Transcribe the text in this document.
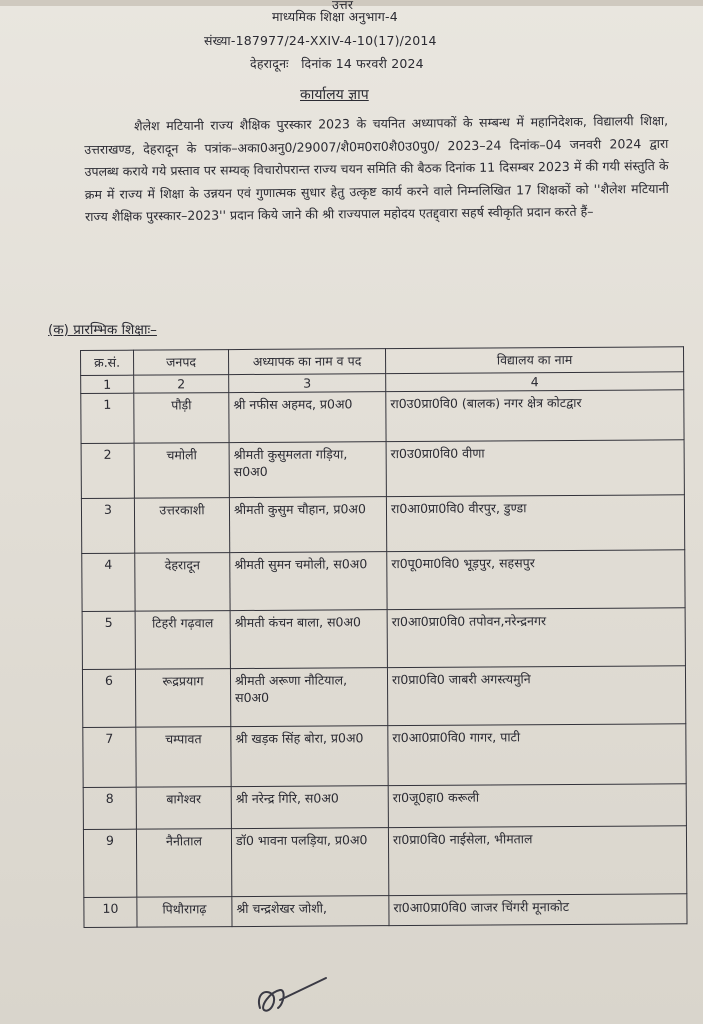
उत्तर
माध्यमिक शिक्षा अनुभाग-4
संख्या-187977/24-XXIV-4-10(17)/2014
देहरादूनः दिनांक 14 फरवरी 2024
कार्यालय ज्ञाप
शैलेश मटियानी राज्य शैक्षिक पुरस्कार 2023 के चयनित अध्यापकों के सम्बन्ध में महानिदेशक, विद्यालयी शिक्षा, उत्तराखण्ड, देहरादून के पत्रांक–अका0अनु0/29007/शै0म0रा0शै0उ0पु0/ 2023–24 दिनांक–04 जनवरी 2024 द्वारा उपलब्ध कराये गये प्रस्ताव पर सम्यक् विचारोपरान्त राज्य चयन समिति की बैठक दिनांक 11 दिसम्बर 2023 में की गयी संस्तुति के क्रम में राज्य में शिक्षा के उन्नयन एवं गुणात्मक सुधार हेतु उत्कृष्ट कार्य करने वाले निम्नलिखित 17 शिक्षकों को ''शैलेश मटियानी राज्य शैक्षिक पुरस्कार–2023'' प्रदान किये जाने की श्री राज्यपाल महोदय एतद्द्वारा सहर्ष स्वीकृति प्रदान करते हैं–
(क) प्रारम्भिक शिक्षाः–
क्र.सं.	जनपद	अध्यापक का नाम व पद	विद्यालय का नाम
1	2	3	4
1	पौड़ी	श्री नफीस अहमद, प्र0अ0	रा0उ0प्रा0वि0 (बालक) नगर क्षेत्र कोटद्वार
2	चमोली	श्रीमती कुसुमलता गड़िया, स0अ0	रा0उ0प्रा0वि0 वीणा
3	उत्तरकाशी	श्रीमती कुसुम चौहान, प्र0अ0	रा0आ0प्रा0वि0 वीरपुर, डुण्डा
4	देहरादून	श्रीमती सुमन चमोली, स0अ0	रा0पू0मा0वि0 भूड़पुर, सहसपुर
5	टिहरी गढ़वाल	श्रीमती कंचन बाला, स0अ0	रा0आ0प्रा0वि0 तपोवन,नरेन्द्रनगर
6	रूद्रप्रयाग	श्रीमती अरूणा नौटियाल, स0अ0	रा0प्रा0वि0 जाबरी अगस्त्यमुनि
7	चम्पावत	श्री खड़क सिंह बोरा, प्र0अ0	रा0आ0प्रा0वि0 गागर, पाटी
8	बागेश्वर	श्री नरेन्द्र गिरि, स0अ0	रा0जू0हा0 करूली
9	नैनीताल	डॉ0 भावना पलड़िया, प्र0अ0	रा0प्रा0वि0 नाईसेला, भीमताल
10	पिथौरागढ़	श्री चन्द्रशेखर जोशी,	रा0आ0प्रा0वि0 जाजर चिंगरी मूनाकोट
